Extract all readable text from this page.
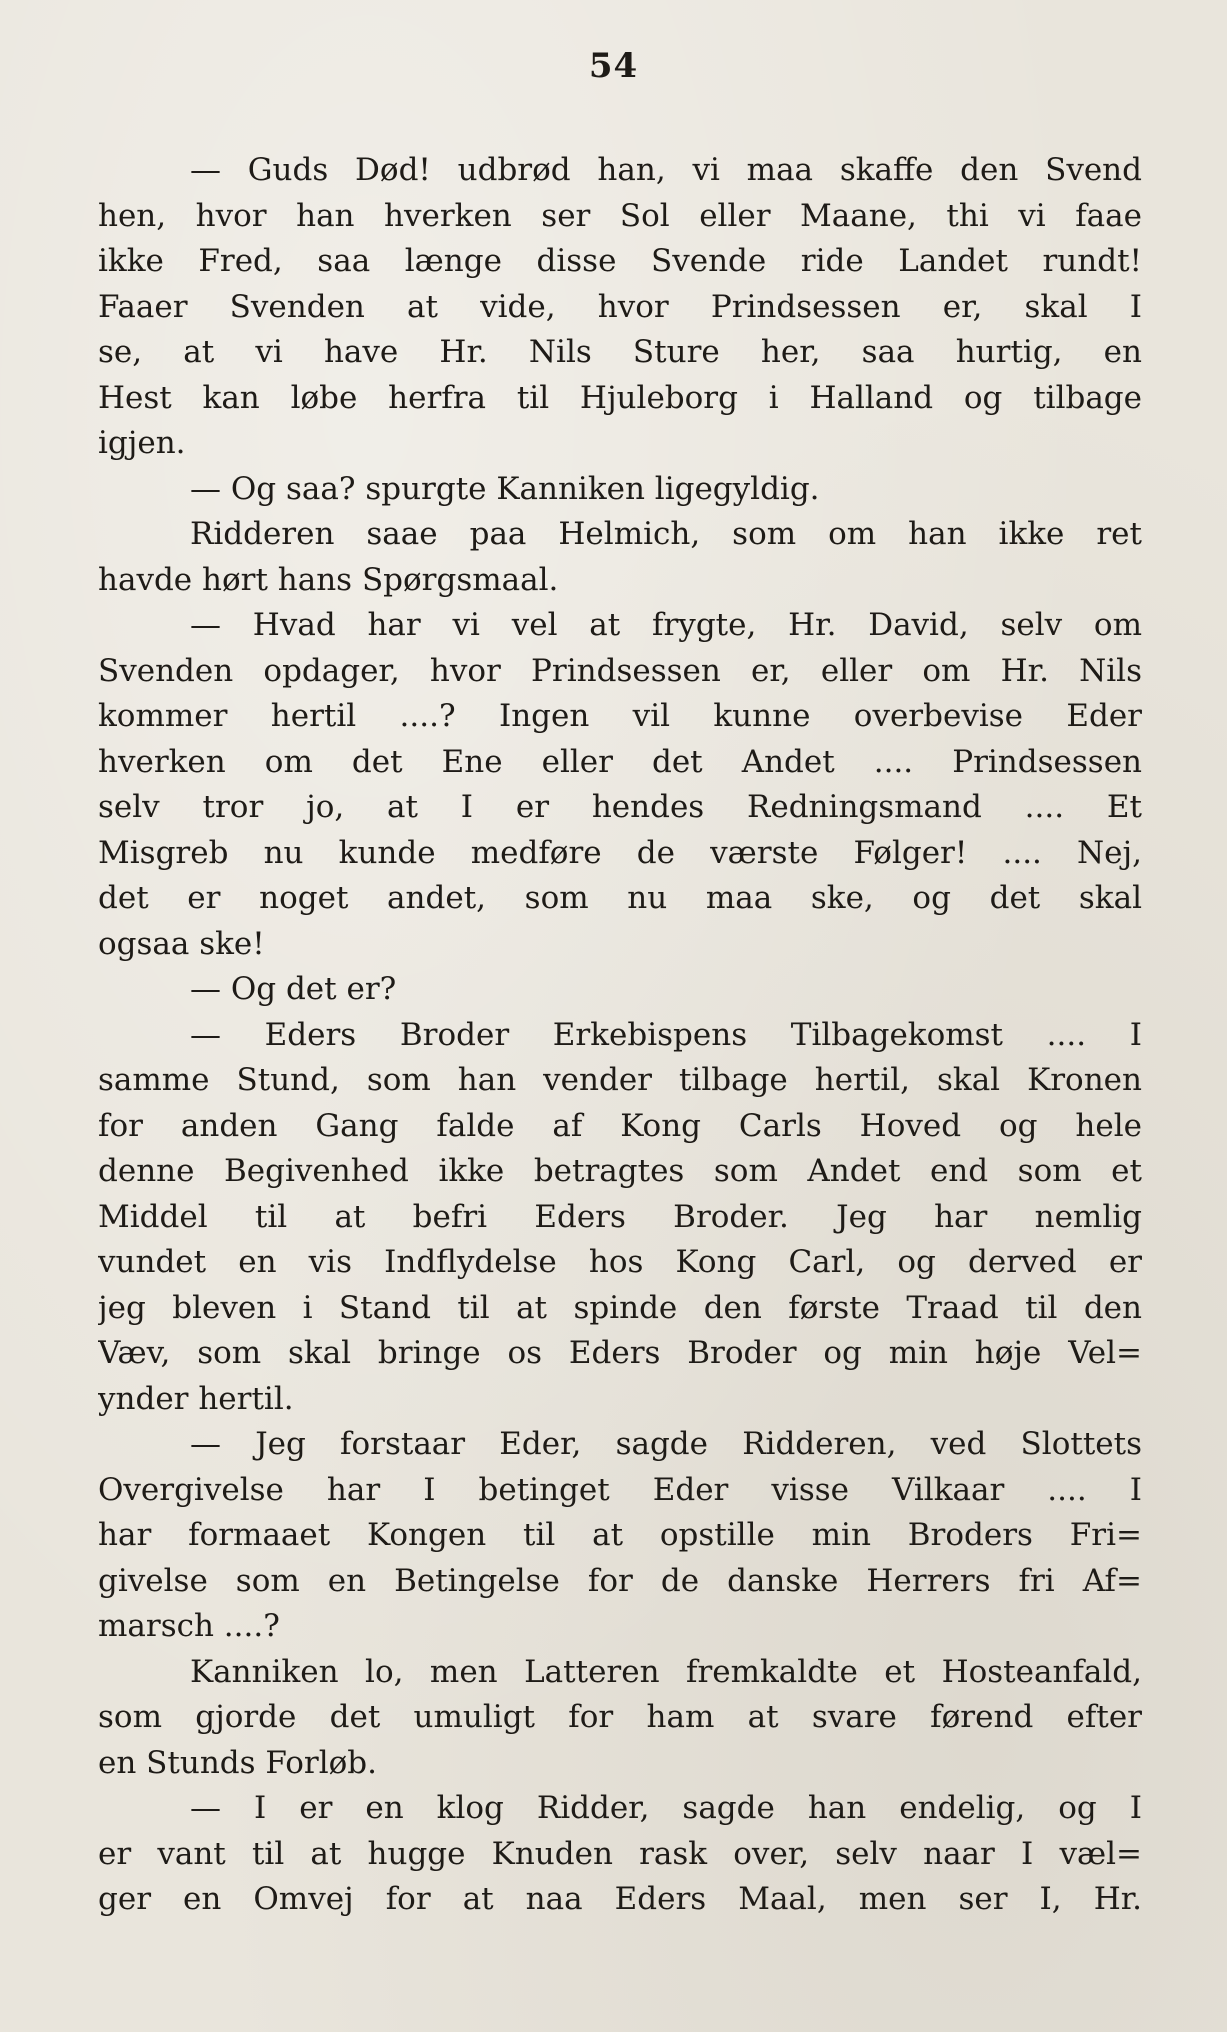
54
— Guds Død! udbrød han, vi maa skaffe den Svend
hen, hvor han hverken ser Sol eller Maane, thi vi faae
ikke Fred, saa længe disse Svende ride Landet rundt!
Faaer Svenden at vide, hvor Prindsessen er, skal I
se, at vi have Hr. Nils Sture her, saa hurtig, en
Hest kan løbe herfra til Hjuleborg i Halland og tilbage
igjen.
— Og saa? spurgte Kanniken ligegyldig.
Ridderen saae paa Helmich, som om han ikke ret
havde hørt hans Spørgsmaal.
— Hvad har vi vel at frygte, Hr. David, selv om
Svenden opdager, hvor Prindsessen er, eller om Hr. Nils
kommer hertil ....? Ingen vil kunne overbevise Eder
hverken om det Ene eller det Andet .... Prindsessen
selv tror jo, at I er hendes Redningsmand .... Et
Misgreb nu kunde medføre de værste Følger! .... Nej,
det er noget andet, som nu maa ske, og det skal
ogsaa ske!
— Og det er?
— Eders Broder Erkebispens Tilbagekomst .... I
samme Stund, som han vender tilbage hertil, skal Kronen
for anden Gang falde af Kong Carls Hoved og hele
denne Begivenhed ikke betragtes som Andet end som et
Middel til at befri Eders Broder. Jeg har nemlig
vundet en vis Indflydelse hos Kong Carl, og derved er
jeg bleven i Stand til at spinde den første Traad til den
Væv, som skal bringe os Eders Broder og min høje Vel=
ynder hertil.
— Jeg forstaar Eder, sagde Ridderen, ved Slottets
Overgivelse har I betinget Eder visse Vilkaar .... I
har formaaet Kongen til at opstille min Broders Fri=
givelse som en Betingelse for de danske Herrers fri Af=
marsch ....?
Kanniken lo, men Latteren fremkaldte et Hosteanfald,
som gjorde det umuligt for ham at svare førend efter
en Stunds Forløb.
— I er en klog Ridder, sagde han endelig, og I
er vant til at hugge Knuden rask over, selv naar I væl=
ger en Omvej for at naa Eders Maal, men ser I, Hr.
